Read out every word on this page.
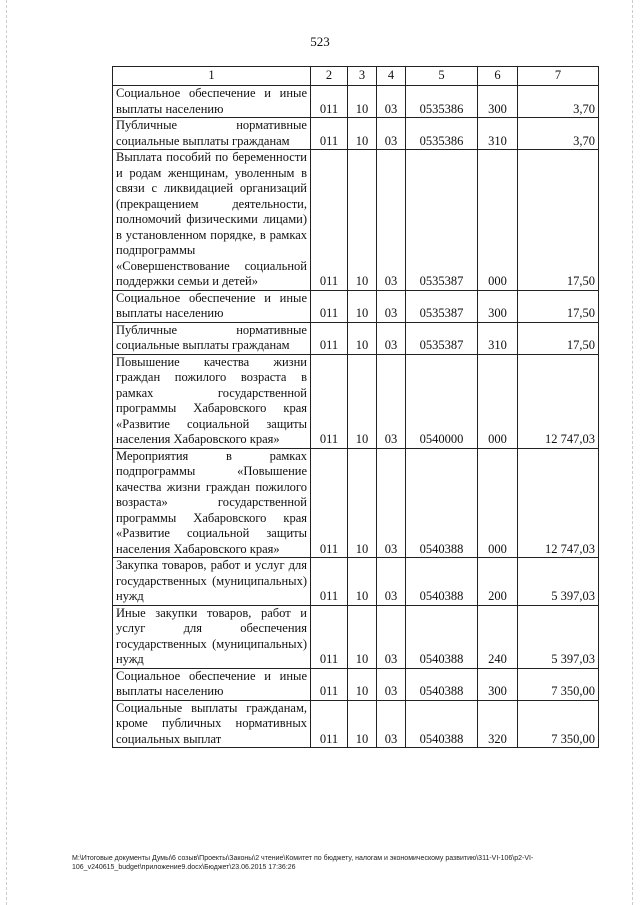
523
1	2	3	4	5	6	7
Социальное обеспечение и иные выплаты населению	011	10	03	0535386	300	3,70
Публичные нормативные социальные выплаты гражданам	011	10	03	0535386	310	3,70
Выплата пособий по беременности и родам женщинам, уволенным в связи с ликвидацией организаций (прекращением деятельности, полномочий физическими лицами) в установленном порядке, в рамках подпрограммы «Совершенствование социальной поддержки семьи и детей»	011	10	03	0535387	000	17,50
Социальное обеспечение и иные выплаты населению	011	10	03	0535387	300	17,50
Публичные нормативные социальные выплаты гражданам	011	10	03	0535387	310	17,50
Повышение качества жизни граждан пожилого возраста в рамках государственной программы Хабаровского края «Развитие социальной защиты населения Хабаровского края»	011	10	03	0540000	000	12 747,03
Мероприятия в рамках подпрограммы «Повышение качества жизни граждан пожилого возраста» государственной программы Хабаровского края «Развитие социальной защиты населения Хабаровского края»	011	10	03	0540388	000	12 747,03
Закупка товаров, работ и услуг для государственных (муниципальных) нужд	011	10	03	0540388	200	5 397,03
Иные закупки товаров, работ и услуг для обеспечения государственных (муниципальных) нужд	011	10	03	0540388	240	5 397,03
Социальное обеспечение и иные выплаты населению	011	10	03	0540388	300	7 350,00
Социальные выплаты гражданам, кроме публичных нормативных социальных выплат	011	10	03	0540388	320	7 350,00
M:\Итоговые документы Думы\6 созыв\Проекты\Законы\2 чтение\Комитет по бюджету, налогам и экономическому развитию\311-VI-106\p2-VI-106_v240615_budget\приложение9.docx\Бюджет\23.06.2015 17:36:26
